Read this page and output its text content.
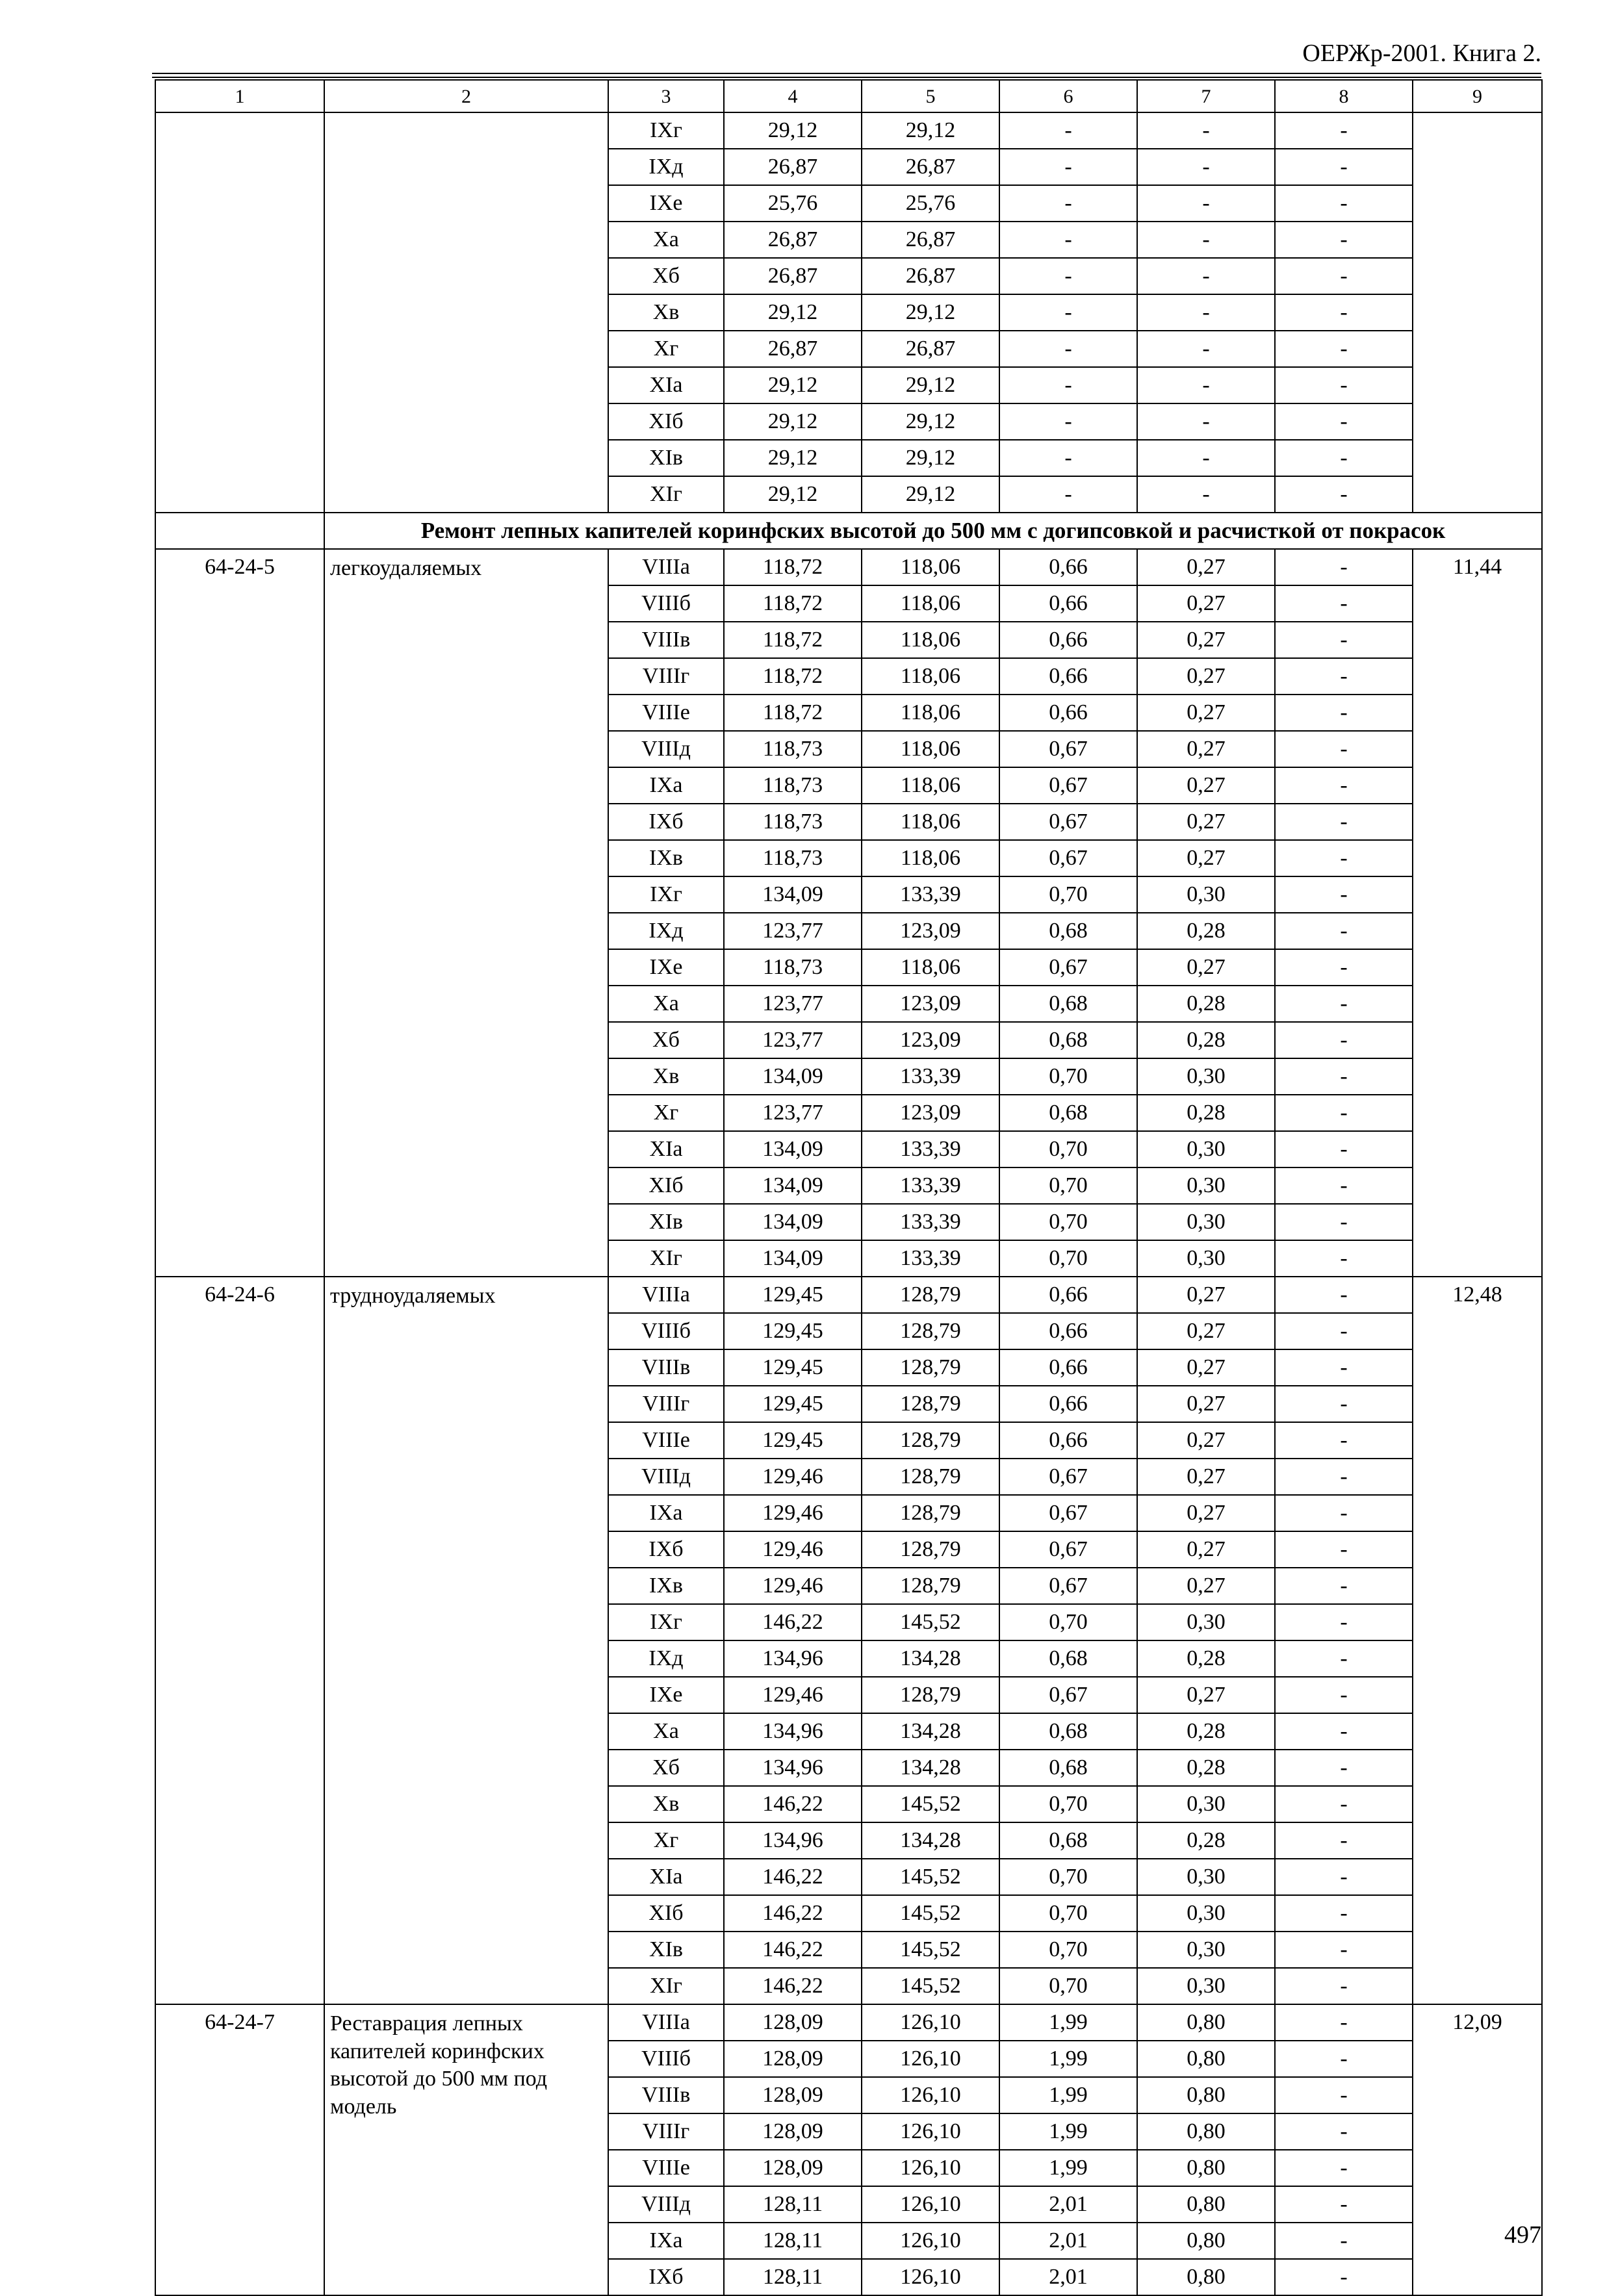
ОЕРЖр-2001. Книга 2.
1	2	3	4	5	6	7	8	9
		IXг	29,12	29,12	-	-	-	
		IXд	26,87	26,87	-	-	-	
		IXе	25,76	25,76	-	-	-	
		Xа	26,87	26,87	-	-	-	
		Xб	26,87	26,87	-	-	-	
		Xв	29,12	29,12	-	-	-	
		Xг	26,87	26,87	-	-	-	
		XIа	29,12	29,12	-	-	-	
		XIб	29,12	29,12	-	-	-	
		XIв	29,12	29,12	-	-	-	
		XIг	29,12	29,12	-	-	-	
	Ремонт лепных капителей коринфских высотой до 500 мм с догипсовкой и расчисткой от покрасок							
64-24-5	легкоудаляемых	VIIIа	118,72	118,06	0,66	0,27	-	11,44
		VIIIб	118,72	118,06	0,66	0,27	-	
		VIIIв	118,72	118,06	0,66	0,27	-	
		VIIIг	118,72	118,06	0,66	0,27	-	
		VIIIе	118,72	118,06	0,66	0,27	-	
		VIIIд	118,73	118,06	0,67	0,27	-	
		IXа	118,73	118,06	0,67	0,27	-	
		IXб	118,73	118,06	0,67	0,27	-	
		IXв	118,73	118,06	0,67	0,27	-	
		IXг	134,09	133,39	0,70	0,30	-	
		IXд	123,77	123,09	0,68	0,28	-	
		IXе	118,73	118,06	0,67	0,27	-	
		Xа	123,77	123,09	0,68	0,28	-	
		Xб	123,77	123,09	0,68	0,28	-	
		Xв	134,09	133,39	0,70	0,30	-	
		Xг	123,77	123,09	0,68	0,28	-	
		XIа	134,09	133,39	0,70	0,30	-	
		XIб	134,09	133,39	0,70	0,30	-	
		XIв	134,09	133,39	0,70	0,30	-	
		XIг	134,09	133,39	0,70	0,30	-	
64-24-6	трудноудаляемых	VIIIа	129,45	128,79	0,66	0,27	-	12,48
		VIIIб	129,45	128,79	0,66	0,27	-	
		VIIIв	129,45	128,79	0,66	0,27	-	
		VIIIг	129,45	128,79	0,66	0,27	-	
		VIIIе	129,45	128,79	0,66	0,27	-	
		VIIIд	129,46	128,79	0,67	0,27	-	
		IXа	129,46	128,79	0,67	0,27	-	
		IXб	129,46	128,79	0,67	0,27	-	
		IXв	129,46	128,79	0,67	0,27	-	
		IXг	146,22	145,52	0,70	0,30	-	
		IXд	134,96	134,28	0,68	0,28	-	
		IXе	129,46	128,79	0,67	0,27	-	
		Xа	134,96	134,28	0,68	0,28	-	
		Xб	134,96	134,28	0,68	0,28	-	
		Xв	146,22	145,52	0,70	0,30	-	
		Xг	134,96	134,28	0,68	0,28	-	
		XIа	146,22	145,52	0,70	0,30	-	
		XIб	146,22	145,52	0,70	0,30	-	
		XIв	146,22	145,52	0,70	0,30	-	
		XIг	146,22	145,52	0,70	0,30	-	
64-24-7	Реставрация лепных капителей коринфских высотой до 500 мм под модель	VIIIа	128,09	126,10	1,99	0,80	-	12,09
		VIIIб	128,09	126,10	1,99	0,80	-	
		VIIIв	128,09	126,10	1,99	0,80	-	
		VIIIг	128,09	126,10	1,99	0,80	-	
		VIIIе	128,09	126,10	1,99	0,80	-	
		VIIIд	128,11	126,10	2,01	0,80	-	
		IXа	128,11	126,10	2,01	0,80	-	
		IXб	128,11	126,10	2,01	0,80	-	
497
